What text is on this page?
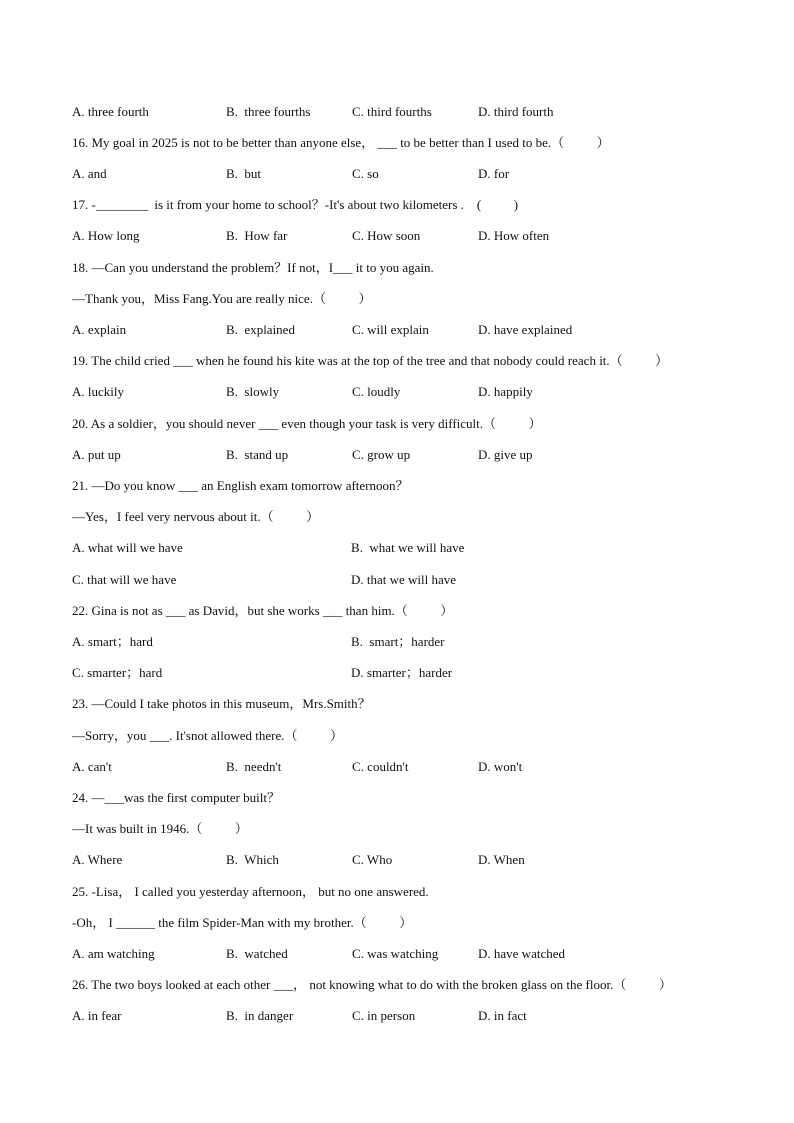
A. three fourth	B.  three fourths	C. third fourths	D. third fourth
16. My goal in 2025 is not to be better than anyone else， ___ to be better than I used to be.（          ）
A. and	B.  but	C. so	D. for
17. -________  is it from your home to school？-It's about two kilometers .    (          )
A. How long	B.  How far	C. How soon	D. How often
18. —Can you understand the problem？If not，I___ it to you again.
—Thank you，Miss Fang.You are really nice.（          ）
A. explain	B.  explained	C. will explain	D. have explained
19. The child cried ___ when he found his kite was at the top of the tree and that nobody could reach it.（          ）
A. luckily	B.  slowly	C. loudly	D. happily
20. As a soldier，you should never ___ even though your task is very difficult.（          ）
A. put up	B.  stand up	C. grow up	D. give up
21. —Do you know ___ an English exam tomorrow afternoon？
—Yes，I feel very nervous about it.（          ）
A. what will we have	B.  what we will have
C. that will we have	D. that we will have
22. Gina is not as ___ as David，but she works ___ than him.（          ）
A. smart；hard	B.  smart；harder
C. smarter；hard	D. smarter；harder
23. —Could I take photos in this museum，Mrs.Smith？
—Sorry，you ___. It'snot allowed there.（          ）
A. can't	B.  needn't	C. couldn't	D. won't
24. —___was the first computer built？
—It was built in 1946.（          ）
A. Where	B.  Which	C. Who	D. When
25. -Lisa， I called you yesterday afternoon， but no one answered.
-Oh， I ______ the film Spider-Man with my brother.（          ）
A. am watching	B.  watched	C. was watching	D. have watched
26. The two boys looked at each other ___， not knowing what to do with the broken glass on the floor.（          ）
A. in fear	B.  in danger	C. in person	D. in fact
